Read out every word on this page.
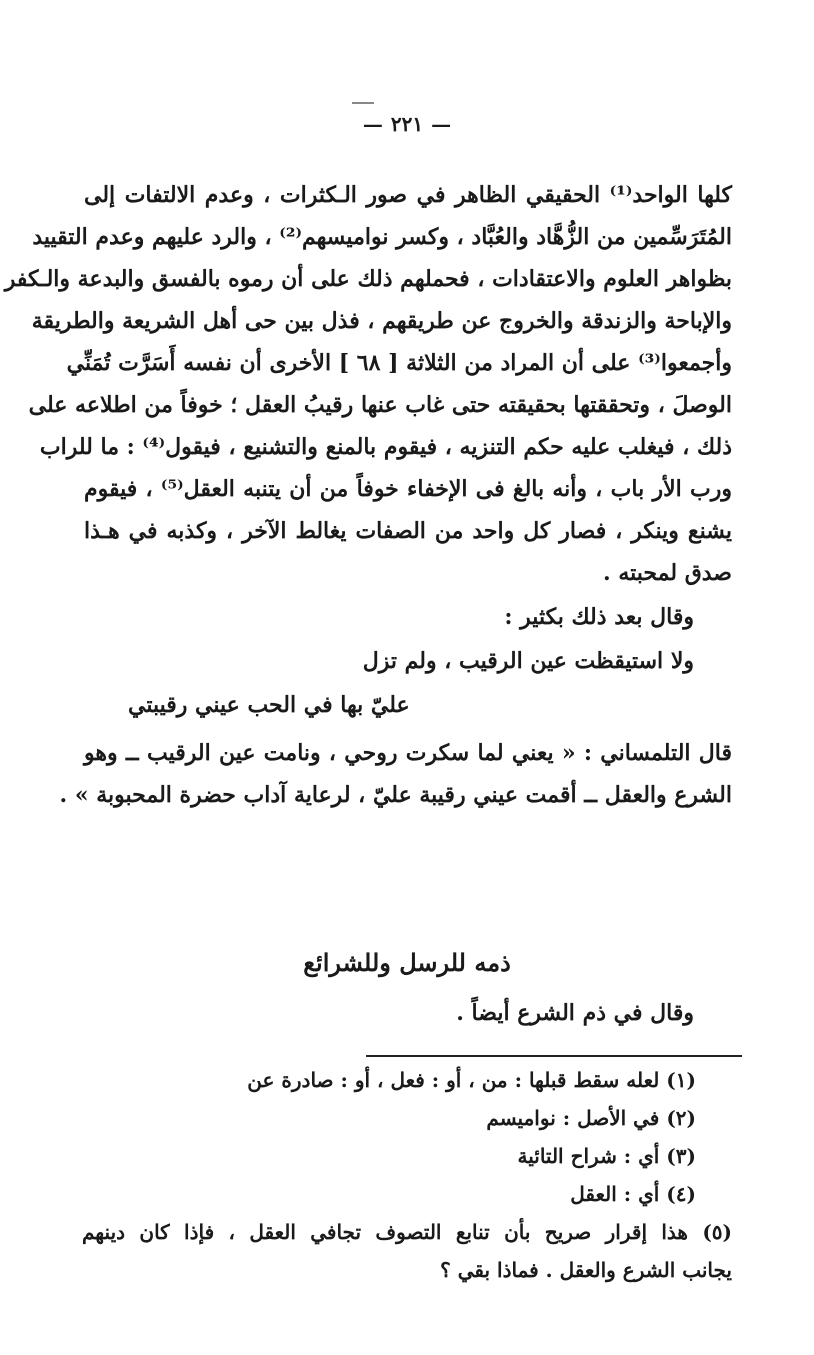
—٢٢١—
كلها الواحد⁽¹⁾ الحقيقي الظاهر في صور الـكثرات ، وعدم الالتفات إلى
المُتَرَسِّمين من الزُّهَّاد والعُبَّاد ، وكسر نواميسهم⁽²⁾ ، والرد عليهم وعدم التقييد
بظواهر العلوم والاعتقادات ، فحملهم ذلك على أن رموه بالفسق والبدعة والـكفر
والإباحة والزندقة والخروج عن طريقهم ، فذل بين حى أهل الشريعة والطريقة
وأجمعوا⁽³⁾ على أن المراد من الثلاثة [ ٦٨ ] الأخرى أن نفسه أَسَرَّت تُمَنِّي
الوصلَ ، وتحققتها بحقيقته حتى غاب عنها رقيبُ العقل ؛ خوفاً من اطلاعه على
ذلك ، فيغلب عليه حكم التنزيه ، فيقوم بالمنع والتشنيع ، فيقول⁽⁴⁾ : ما للراب
ورب الأر باب ، وأنه بالغ فى الإخفاء خوفاً من أن يتنبه العقل⁽⁵⁾ ، فيقوم
يشنع وينكر ، فصار كل واحد من الصفات يغالط الآخر ، وكذبه في هـذا
صدق لمحبته .
وقال بعد ذلك بكثير :
ولا استيقظت عين الرقيب ، ولم تزل
عليّ بها في الحب عيني رقيبتي
قال التلمساني : « يعني لما سكرت روحي ، ونامت عين الرقيب ــ وهو
الشرع والعقل ــ أقمت عيني رقيبة عليّ ، لرعاية آداب حضرة المحبوبة » .
ذمه للرسل وللشرائع
وقال في ذم الشرع أيضاً .
(١) لعله سقط قبلها : من ، أو : فعل ، أو : صادرة عن
(٢) في الأصل : نواميسم
(٣) أي : شراح التائية
(٤) أي : العقل
(٥) هذا إقرار صريح بأن تنابع التصوف تجافي العقل ، فإذا كان دينهم
يجانب الشرع والعقل . فماذا بقي ؟
